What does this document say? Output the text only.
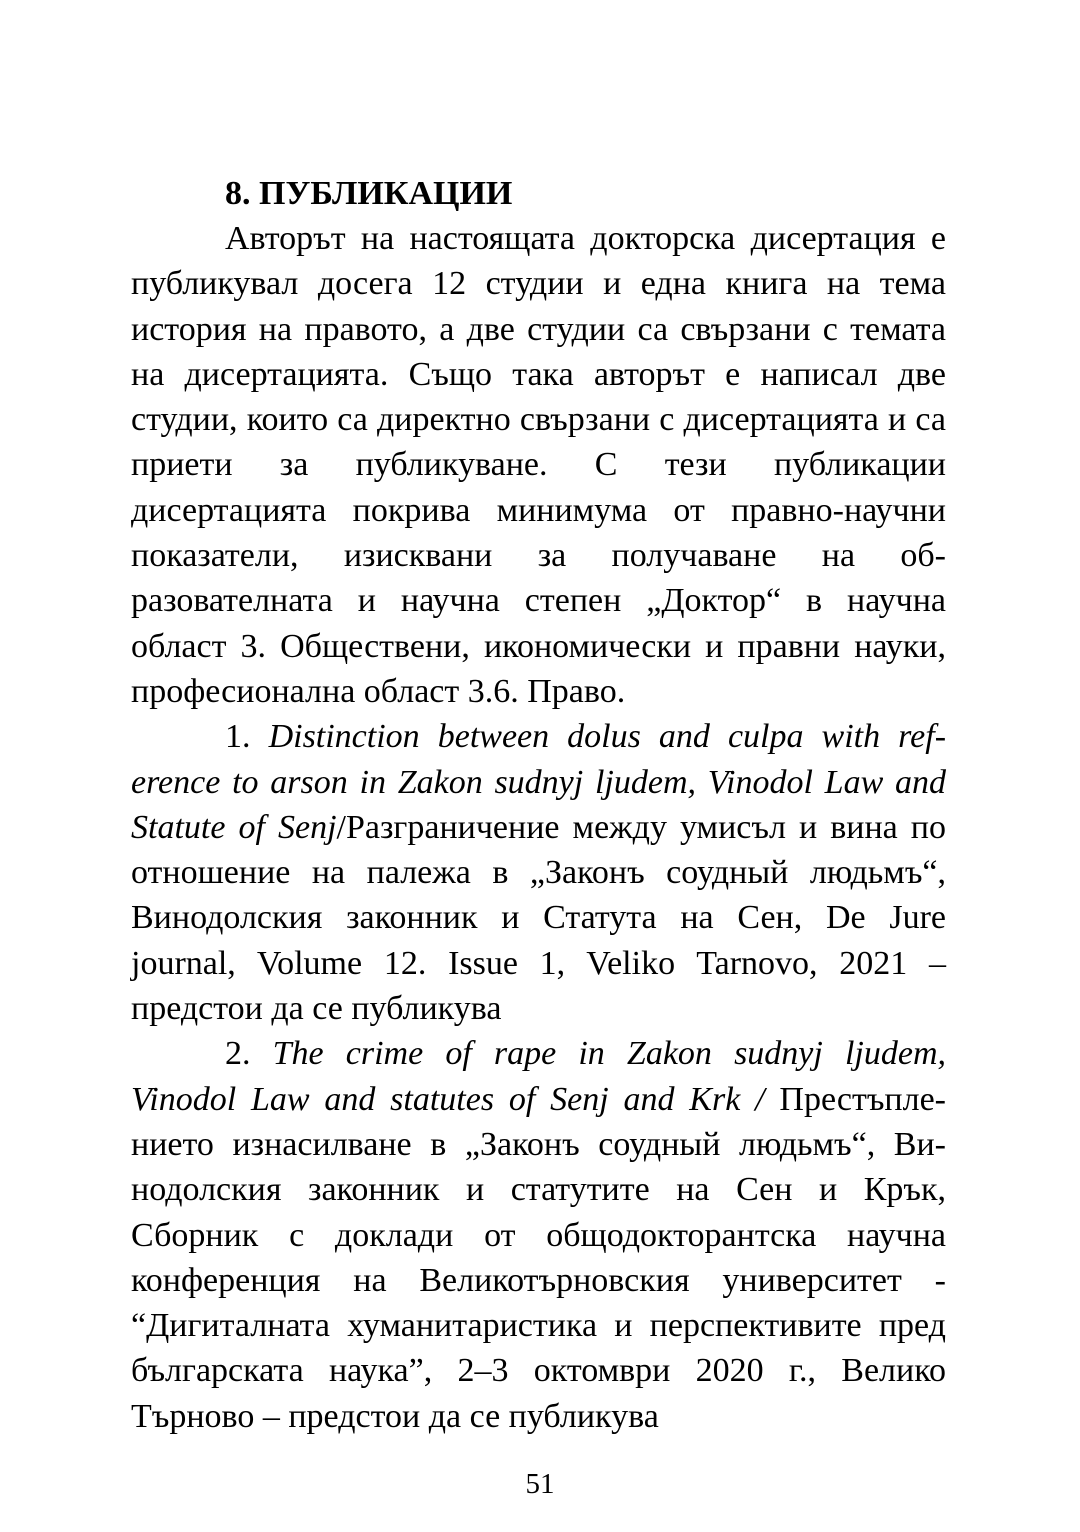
8. ПУБЛИКАЦИИ

Авторът на настоящата докторска дисертация е публикувал досега 12 студии и една книга на тема история на правото, а две студии са свързани с темата на дисертацията. Също така авторът е написал две студии, които са директно свързани с дисертацията и са приети за публикуване. С тези публикации дисертацията покрива минимума от правно-научни показатели, изисквани за получаване на образователната и научна степен „Доктор“ в научна област 3. Обществени, икономически и правни науки, професионална област 3.6. Право.

1. Distinction between dolus and culpa with reference to arson in Zakon sudnyj ljudem, Vinodol Law and Statute of Senj/Разграничение между умисъл и вина по отношение на палежа в „Законъ соудный людьмъ“, Винодолския законник и Статута на Сен, De Jure journal, Volume 12. Issue 1, Veliko Tarnovo, 2021 – предстои да се публикува

2. The crime of rape in Zakon sudnyj ljudem, Vinodol Law and statutes of Senj and Krk / Престъплението изнасилване в „Законъ соудный людьмъ“, Винодолския законник и статутите на Сен и Крък, Сборник с доклади от общодокторантска научна конференция на Великотърновския университет - “Дигиталната хуманитаристика и перспективите пред българската наука”, 2–3 октомври 2020 г., Велико Търново – предстои да се публикува

51
